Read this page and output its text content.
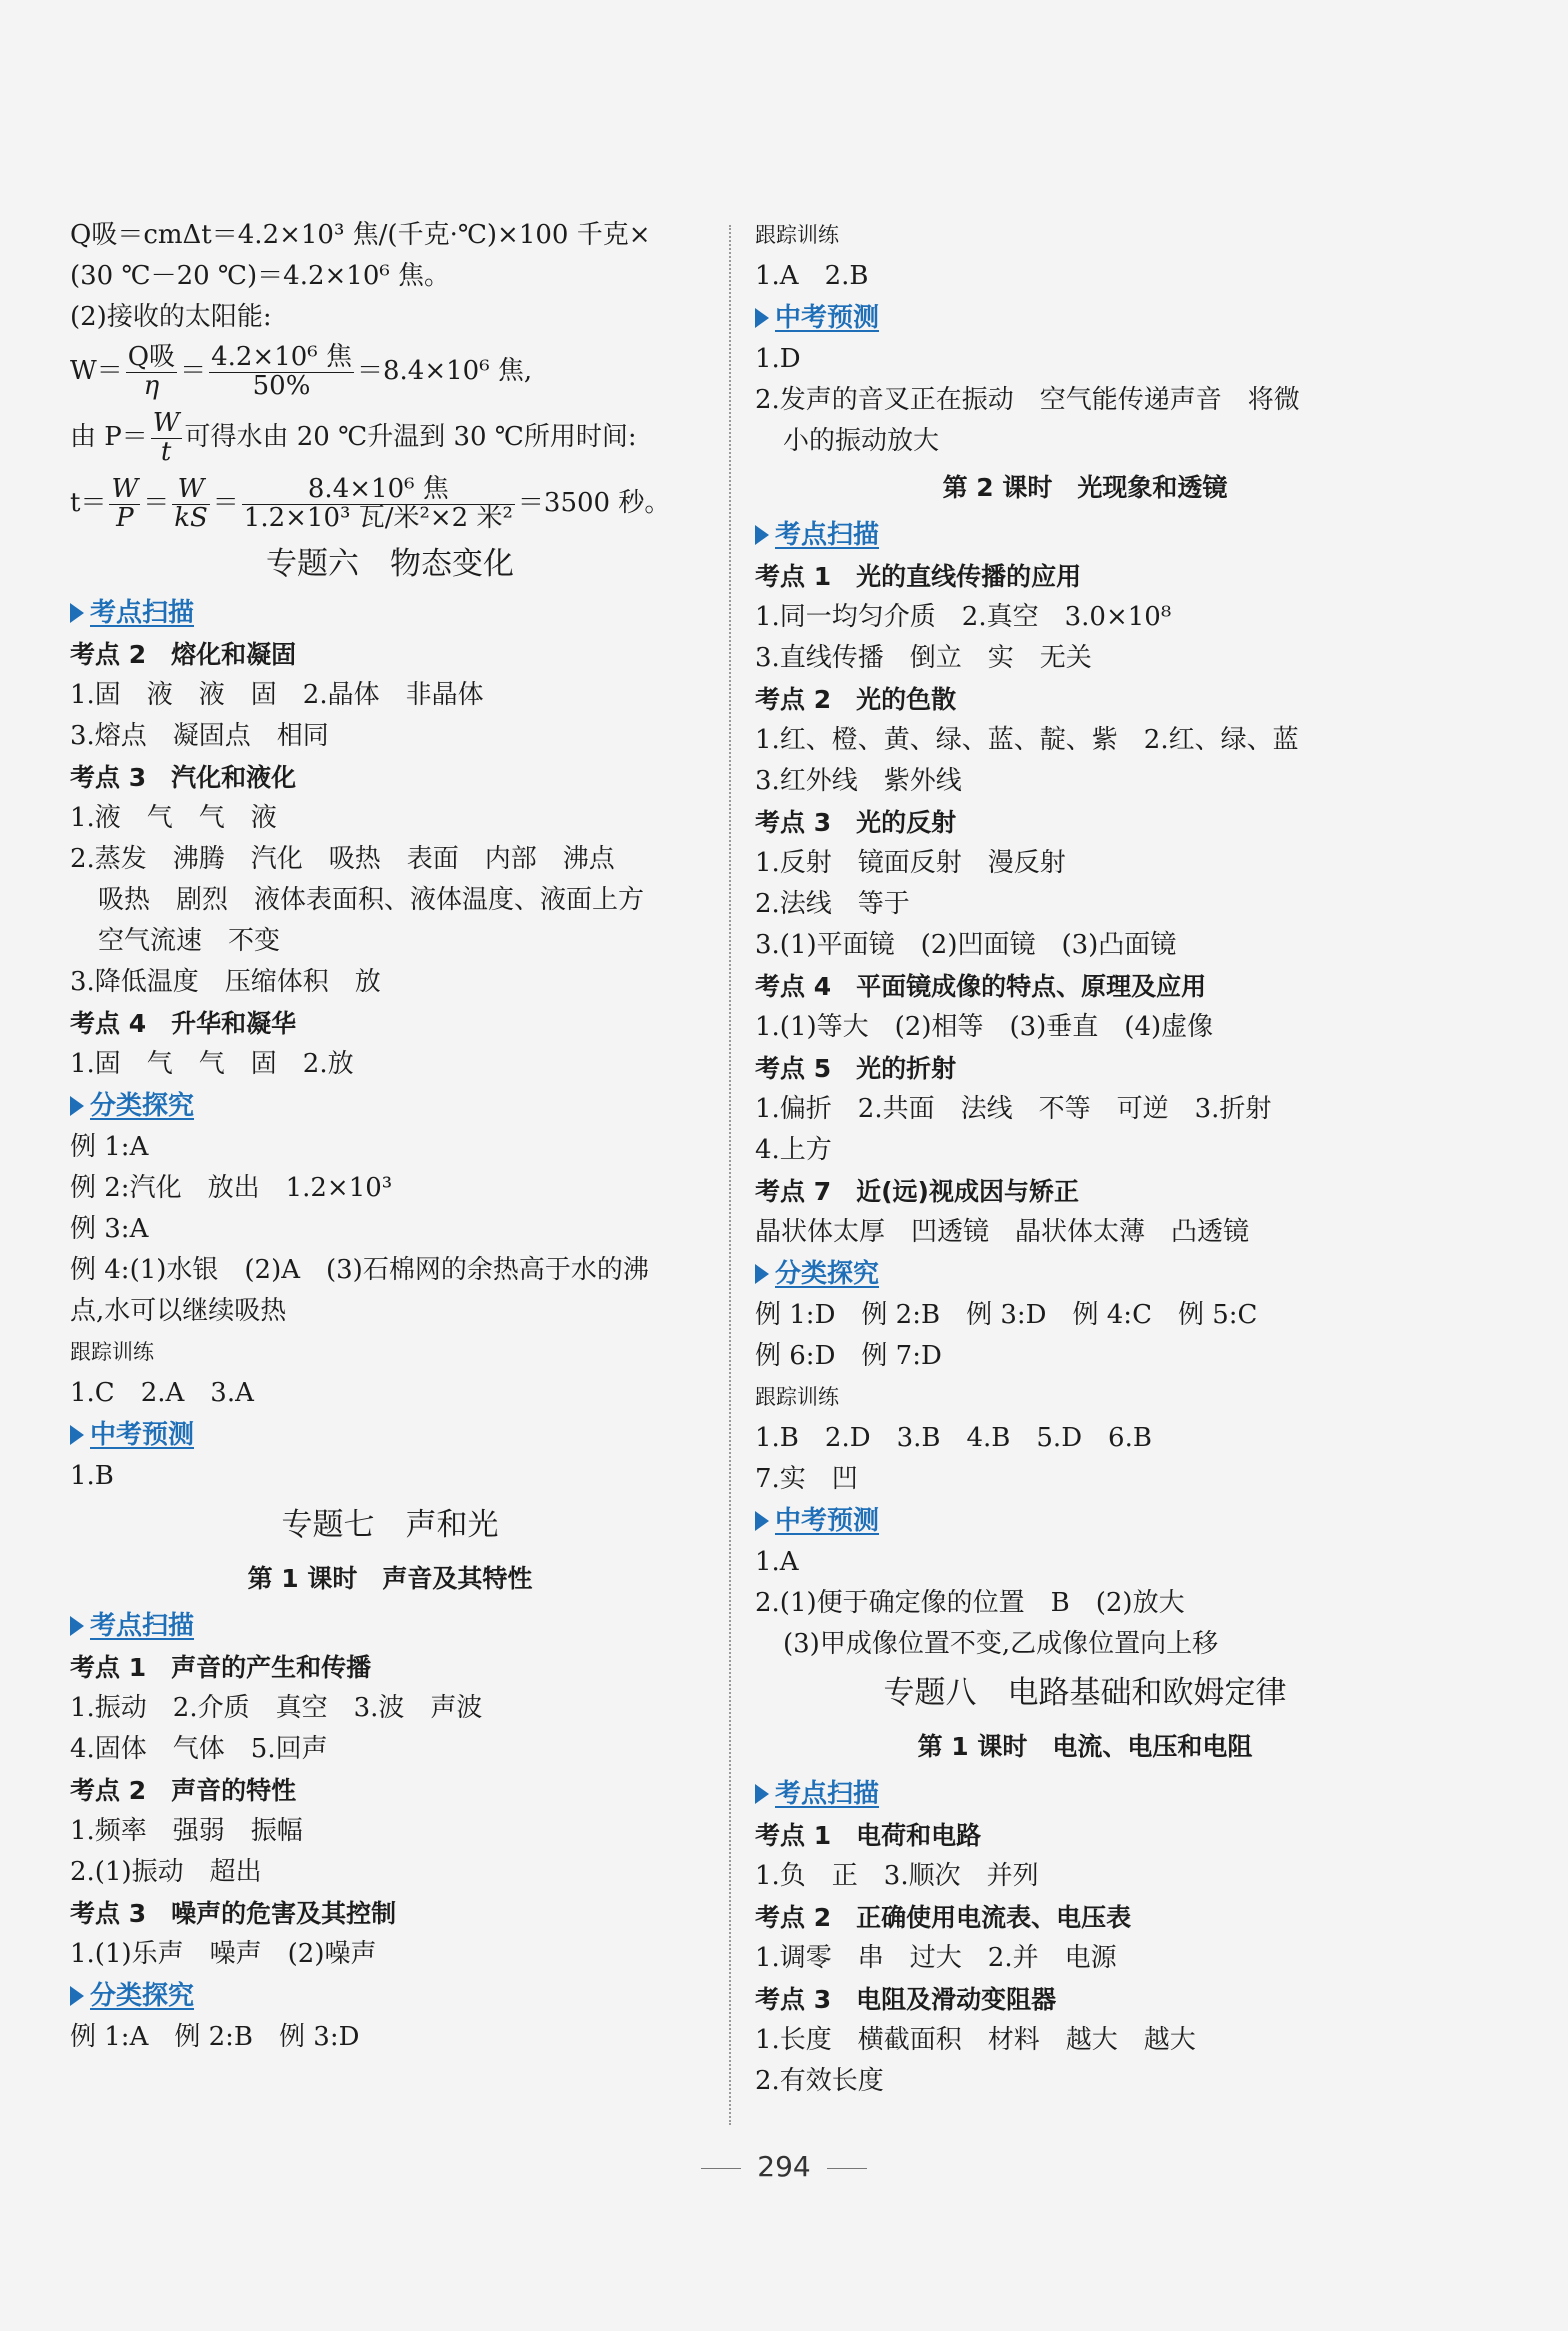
Q吸＝cmΔt＝4.2×10³ 焦/(千克·℃)×100 千克×
(30 ℃－20 ℃)＝4.2×10⁶ 焦。
(2)接收的太阳能:
$W= \frac{\text{Q吸}}{\eta} = \frac{\text{4.2×10⁶ 焦}}{50\%} =8.4\times 10^6$ 焦,
由 $P= \frac{W}{t}$ 可得水由 20 ℃升温到 30 ℃所用时间:
$t= \frac{W}{P} = \frac{W}{kS} = \frac{\text{8.4×10⁶ 焦}}{\text{1.2×10³ 瓦/米²×2 米²}} =3500$ 秒。
专题六　物态变化
考点扫描
考点 2　熔化和凝固
1.固　液　液　固　2.晶体　非晶体
3.熔点　凝固点　相同
考点 3　汽化和液化
1.液　气　气　液
2.蒸发　沸腾　汽化　吸热　表面　内部　沸点
吸热　剧烈　液体表面积、液体温度、液面上方
空气流速　不变
3.降低温度　压缩体积　放
考点 4　升华和凝华
1.固　气　气　固　2.放
分类探究
例 1:A
例 2:汽化　放出　1.2×10³
例 3:A
例 4:(1)水银　(2)A　(3)石棉网的余热高于水的沸
点,水可以继续吸热
跟踪训练
1.C　2.A　3.A
中考预测
1.B
专题七　声和光
第 1 课时　声音及其特性
考点扫描
考点 1　声音的产生和传播
1.振动　2.介质　真空　3.波　声波
4.固体　气体　5.回声
考点 2　声音的特性
1.频率　强弱　振幅
2.(1)振动　超出
考点 3　噪声的危害及其控制
1.(1)乐声　噪声　(2)噪声
分类探究
例 1:A　例 2:B　例 3:D
跟踪训练
1.A　2.B
中考预测
1.D
2.发声的音叉正在振动　空气能传递声音　将微
小的振动放大
第 2 课时　光现象和透镜
考点扫描
考点 1　光的直线传播的应用
1.同一均匀介质　2.真空　3.0×10⁸
3.直线传播　倒立　实　无关
考点 2　光的色散
1.红、橙、黄、绿、蓝、靛、紫　2.红、绿、蓝
3.红外线　紫外线
考点 3　光的反射
1.反射　镜面反射　漫反射
2.法线　等于
3.(1)平面镜　(2)凹面镜　(3)凸面镜
考点 4　平面镜成像的特点、原理及应用
1.(1)等大　(2)相等　(3)垂直　(4)虚像
考点 5　光的折射
1.偏折　2.共面　法线　不等　可逆　3.折射
4.上方
考点 7　近(远)视成因与矫正
晶状体太厚　凹透镜　晶状体太薄　凸透镜
分类探究
例 1:D　例 2:B　例 3:D　例 4:C　例 5:C
例 6:D　例 7:D
跟踪训练
1.B　2.D　3.B　4.B　5.D　6.B
7.实　凹
中考预测
1.A
2.(1)便于确定像的位置　B　(2)放大
(3)甲成像位置不变,乙成像位置向上移
专题八　电路基础和欧姆定律
第 1 课时　电流、电压和电阻
考点扫描
考点 1　电荷和电路
1.负　正　3.顺次　并列
考点 2　正确使用电流表、电压表
1.调零　串　过大　2.并　电源
考点 3　电阻及滑动变阻器
1.长度　横截面积　材料　越大　越大
2.有效长度
294
